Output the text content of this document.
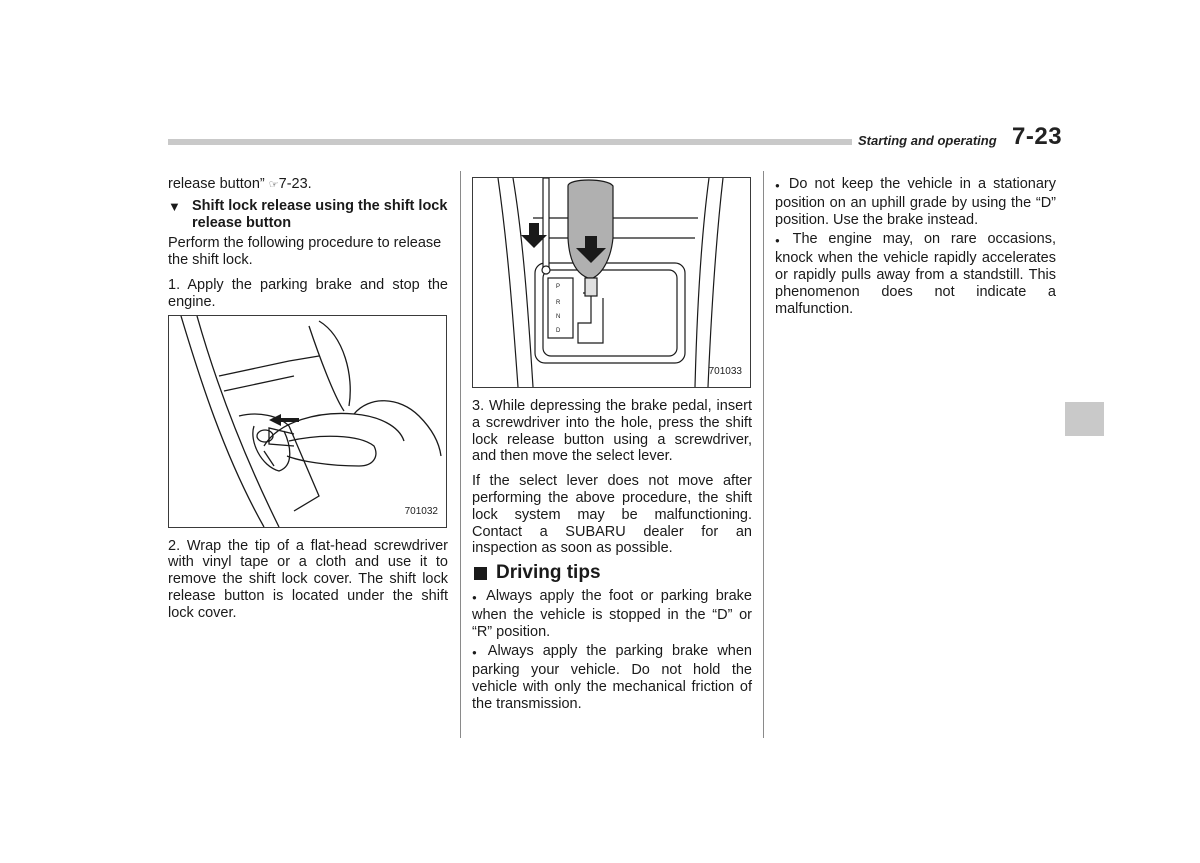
Starting and operating 7-23

release button” ☞7-23.

▼ Shift lock release using the shift lock release button

Perform the following procedure to release the shift lock.

1. Apply the parking brake and stop the engine.

701032

2. Wrap the tip of a flat-head screwdriver with vinyl tape or a cloth and use it to remove the shift lock cover. The shift lock release button is located under the shift lock cover.

P
R
N
D
701033

3. While depressing the brake pedal, insert a screwdriver into the hole, press the shift lock release button using a screwdriver, and then move the select lever.

If the select lever does not move after performing the above procedure, the shift lock system may be malfunctioning. Contact a SUBARU dealer for an inspection as soon as possible.

Driving tips

● Always apply the foot or parking brake when the vehicle is stopped in the “D” or “R” position.

● Always apply the parking brake when parking your vehicle. Do not hold the vehicle with only the mechanical friction of the transmission.

● Do not keep the vehicle in a stationary position on an uphill grade by using the “D” position. Use the brake instead.

● The engine may, on rare occasions, knock when the vehicle rapidly accelerates or rapidly pulls away from a standstill. This phenomenon does not indicate a malfunction.
